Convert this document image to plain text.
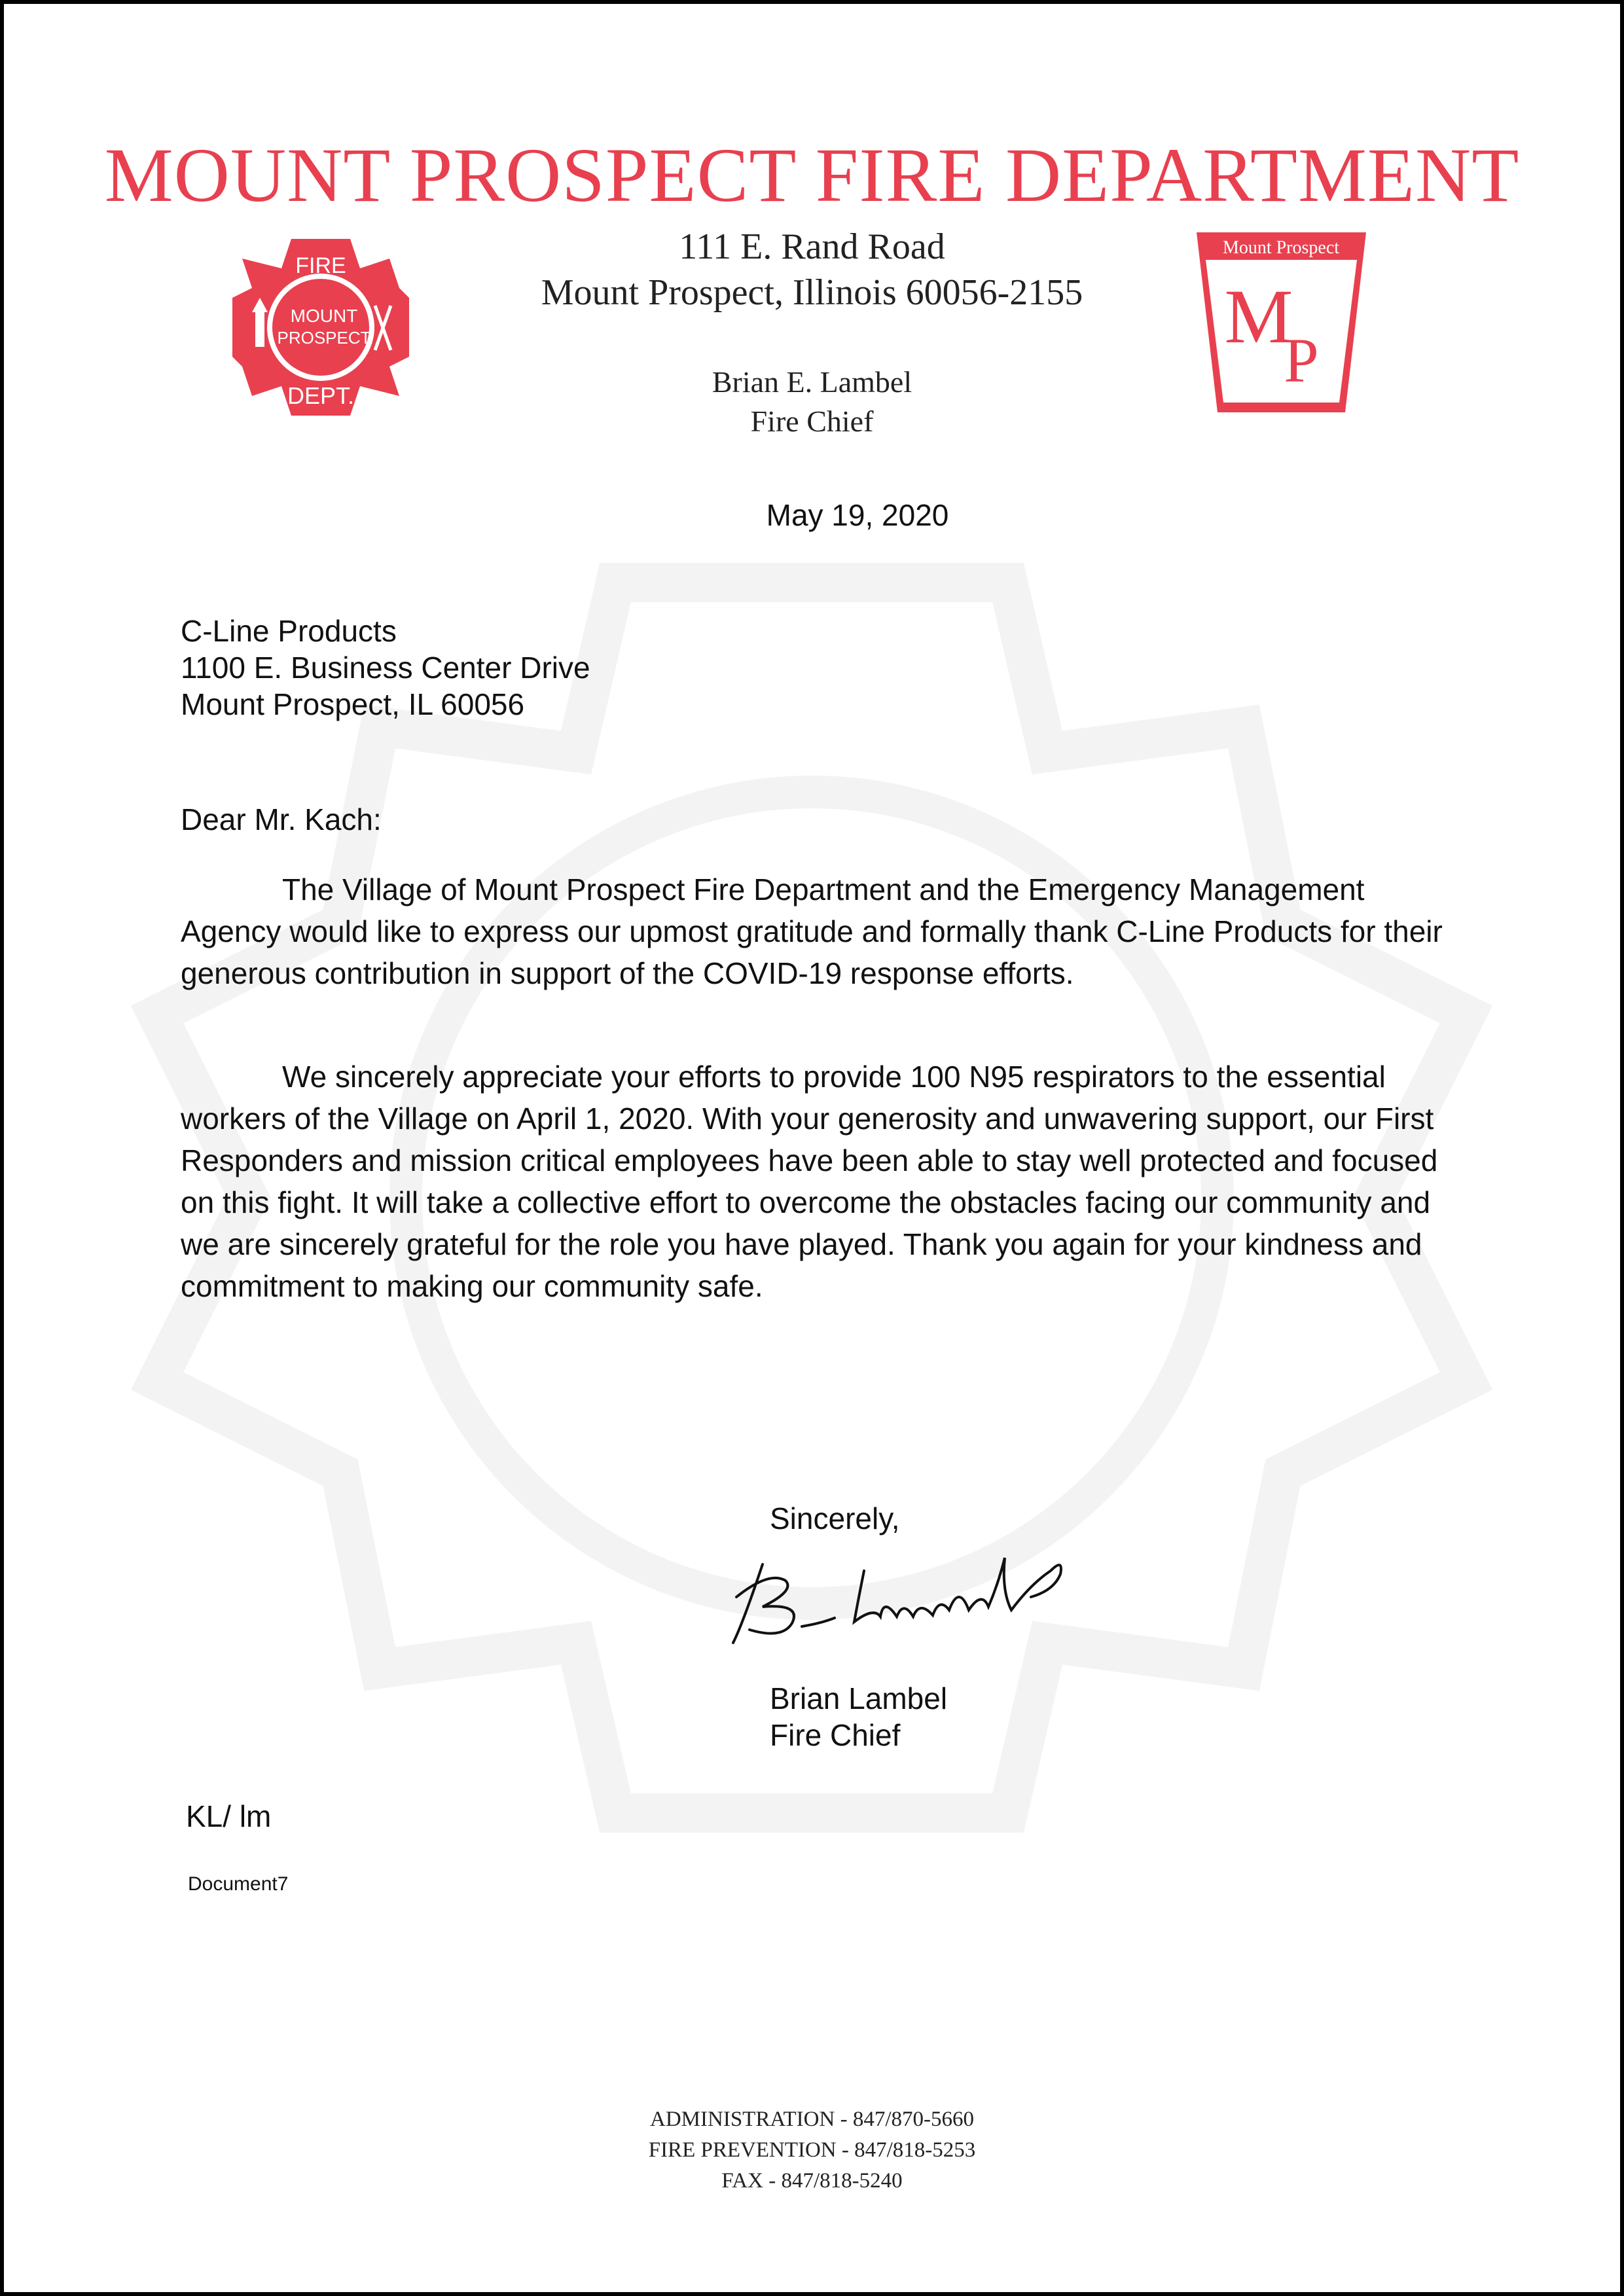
MOUNT PROSPECT FIRE DEPARTMENT
FIRE
MOUNT
PROSPECT
DEPT.
111 E. Rand Road
Mount Prospect, Illinois 60056-2155
Brian E. Lambel
Fire Chief
Mount Prospect
M
P
May 19, 2020
C-Line Products
1100 E. Business Center Drive
Mount Prospect, IL 60056
Dear Mr. Kach:
The Village of Mount Prospect Fire Department and the Emergency Management Agency would like to express our upmost gratitude and formally thank C-Line Products for their generous contribution in support of the COVID-19 response efforts.
We sincerely appreciate your efforts to provide 100 N95 respirators to the essential workers of the Village on April 1, 2020. With your generosity and unwavering support, our First Responders and mission critical employees have been able to stay well protected and focused on this fight. It will take a collective effort to overcome the obstacles facing our community and we are sincerely grateful for the role you have played. Thank you again for your kindness and commitment to making our community safe.
Sincerely,
Brian Lambel
Fire Chief
KL/ lm
Document7
ADMINISTRATION - 847/870-5660
FIRE PREVENTION - 847/818-5253
FAX - 847/818-5240
